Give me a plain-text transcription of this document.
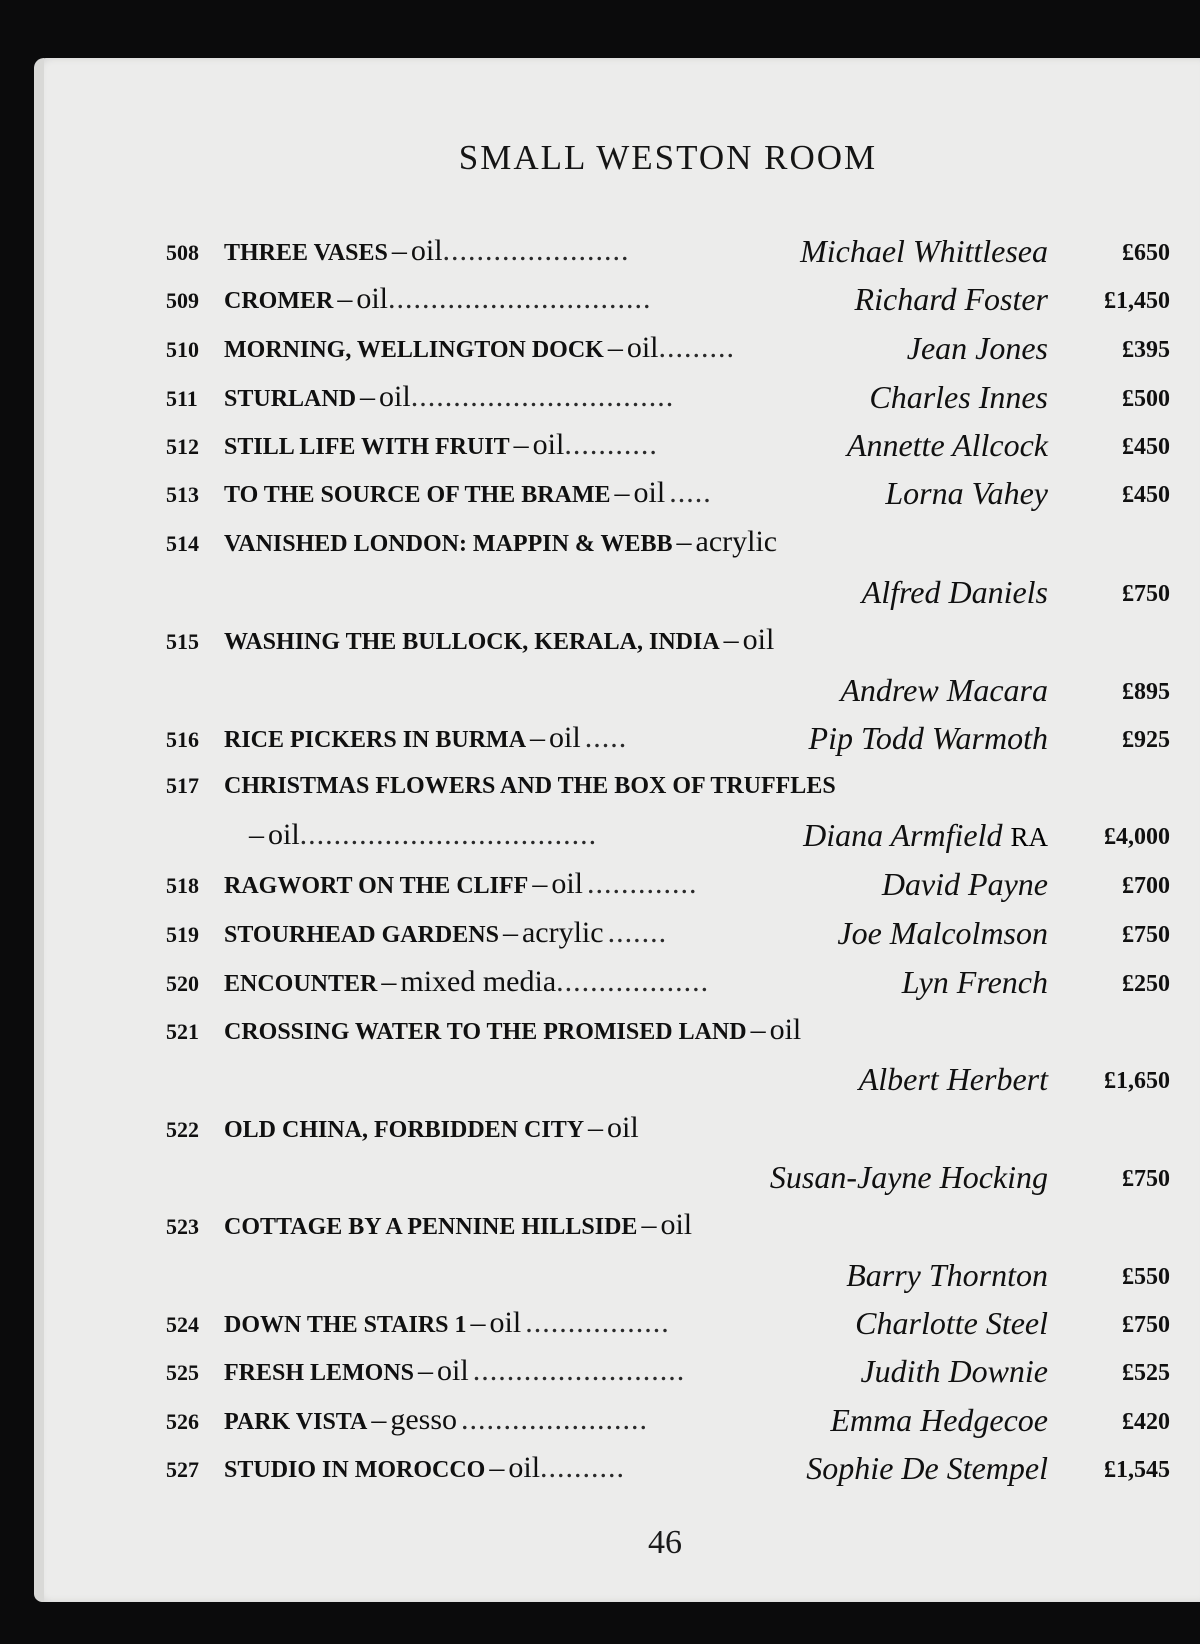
SMALL WESTON ROOM
508 THREE VASES – oil......................	Michael Whittlesea	£650
509 CROMER – oil...............................	Richard Foster	£1,450
510 MORNING, WELLINGTON DOCK – oil.........	Jean Jones	£395
511 STURLAND – oil...............................	Charles Innes	£500
512 STILL LIFE WITH FRUIT – oil...........	Annette Allcock	£450
513 TO THE SOURCE OF THE BRAME – oil .....	Lorna Vahey	£450
514 VANISHED LONDON: MAPPIN & WEBB – acrylic
Alfred Daniels	£750
515 WASHING THE BULLOCK, KERALA, INDIA – oil
Andrew Macara	£895
516 RICE PICKERS IN BURMA – oil .....	Pip Todd Warmoth	£925
517 CHRISTMAS FLOWERS AND THE BOX OF TRUFFLES
– oil...................................	Diana Armfield RA	£4,000
518 RAGWORT ON THE CLIFF – oil .............	David Payne	£700
519 STOURHEAD GARDENS – acrylic .......	Joe Malcolmson	£750
520 ENCOUNTER – mixed media..................	Lyn French	£250
521 CROSSING WATER TO THE PROMISED LAND – oil
Albert Herbert	£1,650
522 OLD CHINA, FORBIDDEN CITY – oil
Susan-Jayne Hocking	£750
523 COTTAGE BY A PENNINE HILLSIDE – oil
Barry Thornton	£550
524 DOWN THE STAIRS 1 – oil .................	Charlotte Steel	£750
525 FRESH LEMONS – oil .........................	Judith Downie	£525
526 PARK VISTA – gesso ......................	Emma Hedgecoe	£420
527 STUDIO IN MOROCCO – oil..........	Sophie De Stempel	£1,545
46
